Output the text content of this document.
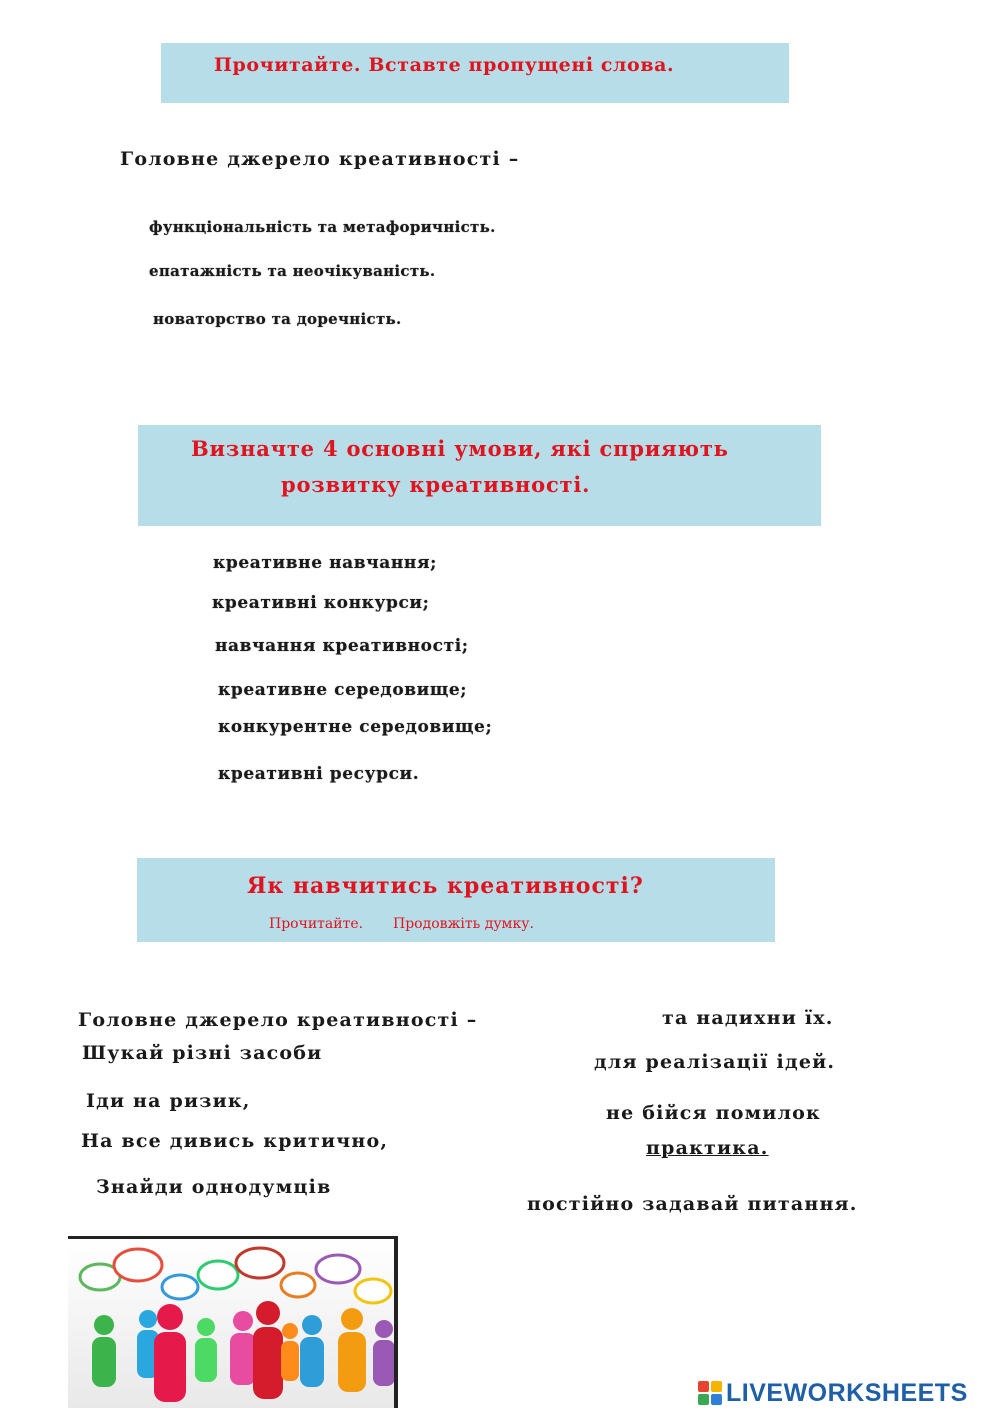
Прочитайте. Вставте пропущені слова.
Головне джерело креативності –
функціональність та метафоричність.
епатажність та неочікуваність.
новаторство та доречність.
Визначте 4 основні умови, які сприяють
розвитку креативності.
креативне навчання;
креативні конкурси;
навчання креативності;
креативне середовище;
конкурентне середовище;
креативні ресурси.
Як навчитись креативності?
Прочитайте. Продовжіть думку.
Головне джерело креативності –
Шукай різні засоби
Іди на ризик,
На все дивись критично,
Знайди однодумців
та надихни їх.
для реалізації ідей.
не бійся помилок
практика.
постійно задавай питання.
LIVEWORKSHEETS
